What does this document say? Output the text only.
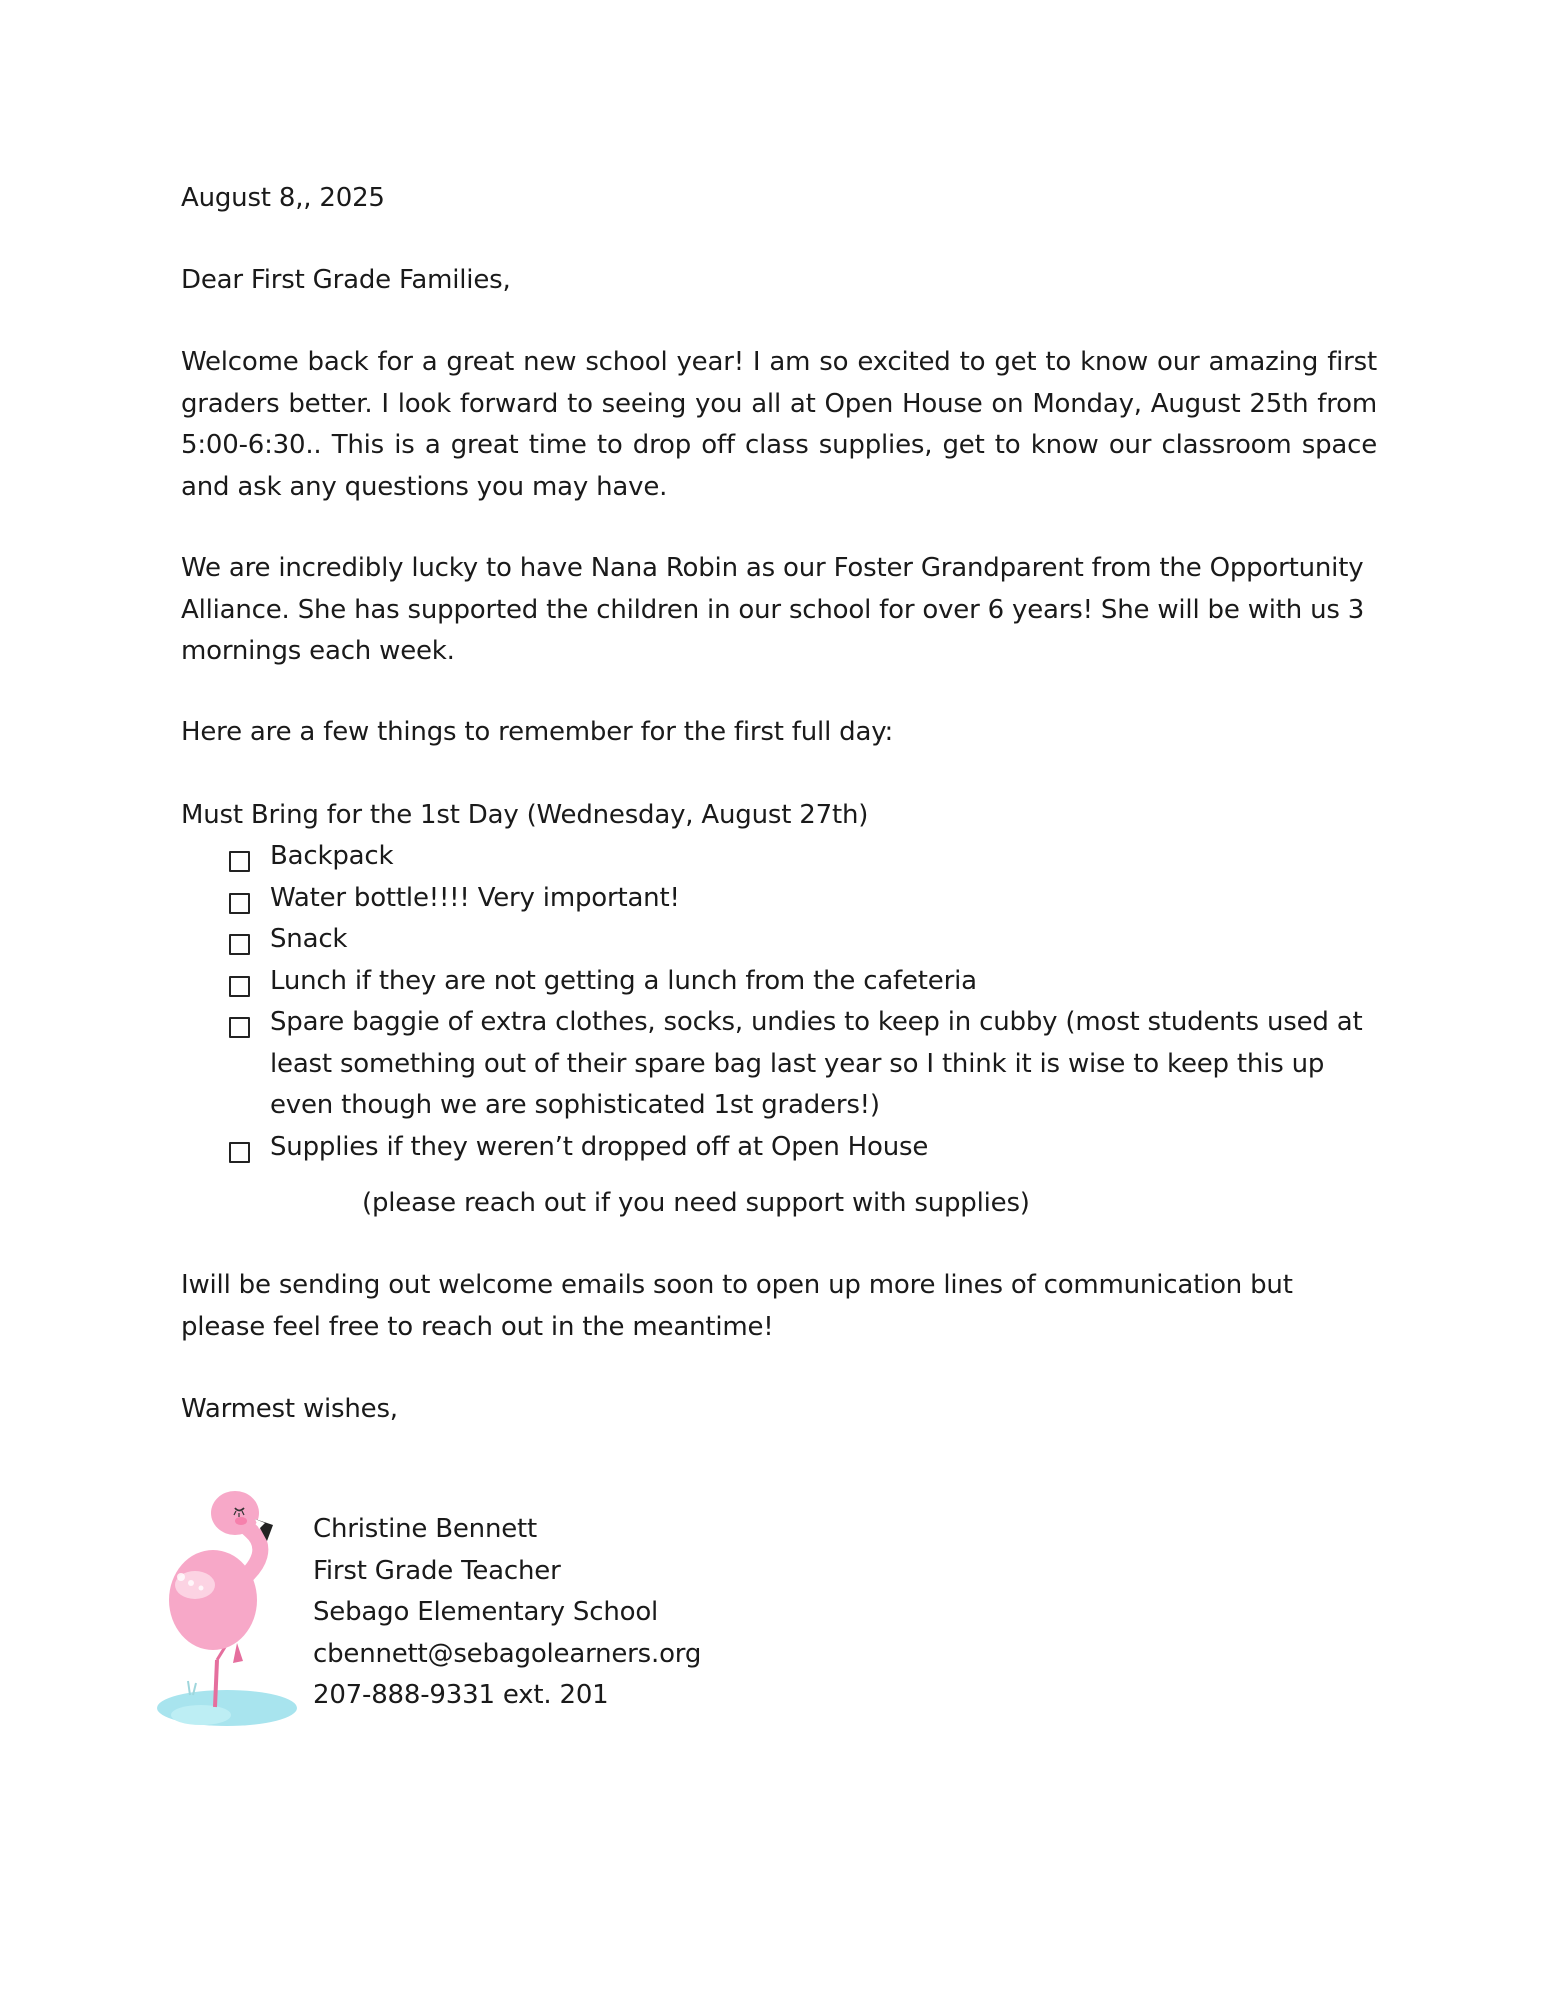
August 8,, 2025
Dear First Grade Families,
Welcome back for a great new school year! I am so excited to get to know our amazing first graders better. I look forward to seeing you all at Open House on Monday, August 25th from 5:00-6:30.. This is a great time to drop off class supplies, get to know our classroom space and ask any questions you may have.
We are incredibly lucky to have Nana Robin as our Foster Grandparent from the Opportunity Alliance. She has supported the children in our school for over 6 years! She will be with us 3 mornings each week.
Here are a few things to remember for the first full day:
Must Bring for the 1st Day (Wednesday, August 27th)
Backpack
Water bottle!!!! Very important!
Snack
Lunch if they are not getting a lunch from the cafeteria
Spare baggie of extra clothes, socks, undies to keep in cubby (most students used at least something out of their spare bag last year so I think it is wise to keep this up even though we are sophisticated 1st graders!)
Supplies if they weren’t dropped off at Open House
(please reach out if you need support with supplies)
Iwill be sending out welcome emails soon to open up more lines of communication but please feel free to reach out in the meantime!
Warmest wishes,
Christine Bennett
First Grade Teacher
Sebago Elementary School
cbennett@sebagolearners.org
207-888-9331 ext. 201
